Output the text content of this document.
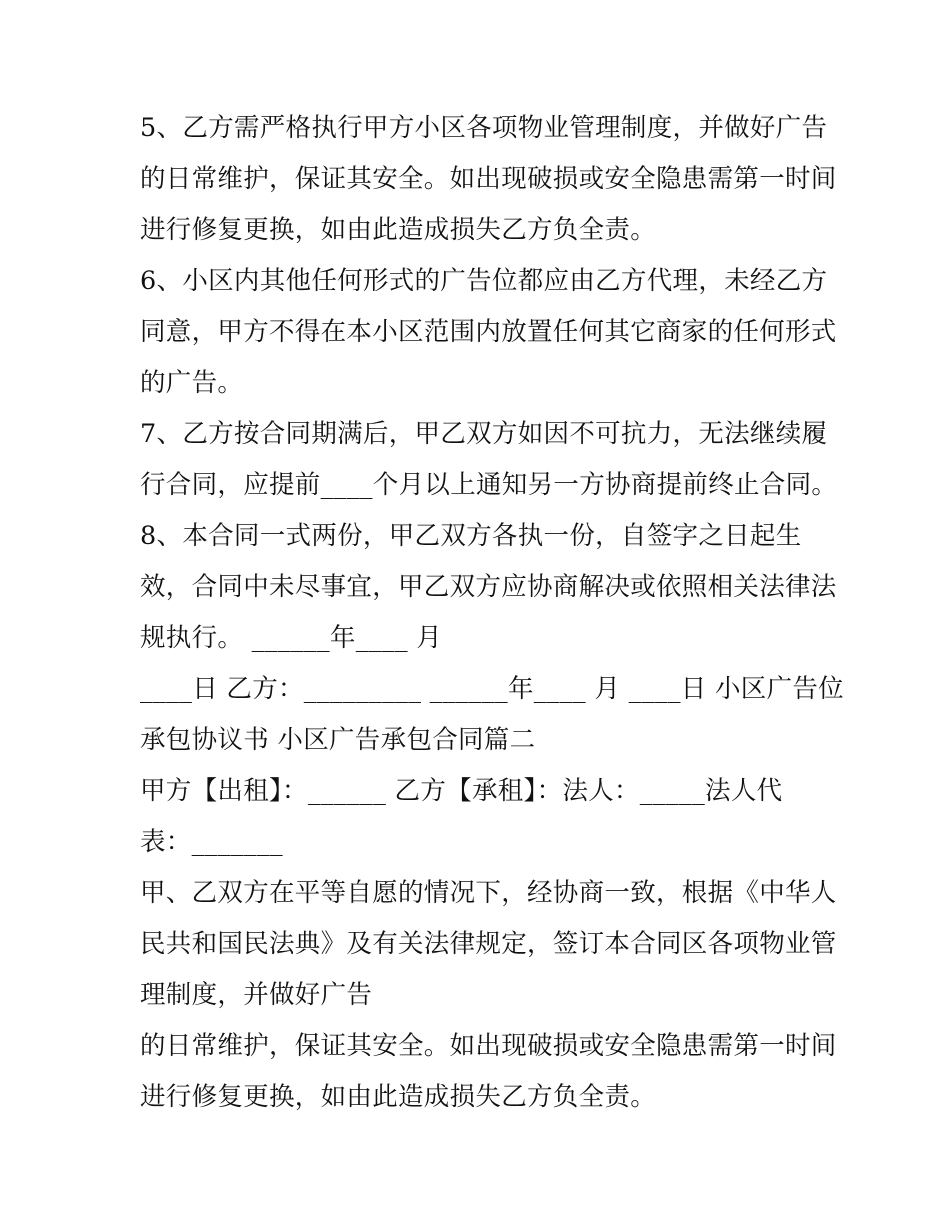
5、乙方需严格执行甲方小区各项物业管理制度，并做好广告
的日常维护，保证其安全。如出现破损或安全隐患需第一时间
进行修复更换，如由此造成损失乙方负全责。
6、小区内其他任何形式的广告位都应由乙方代理，未经乙方
同意，甲方不得在本小区范围内放置任何其它商家的任何形式
的广告。
7、乙方按合同期满后，甲乙双方如因不可抗力，无法继续履
行合同，应提前____个月以上通知另一方协商提前终止合同。
8、本合同一式两份，甲乙双方各执一份，自签字之日起生
效，合同中未尽事宜，甲乙双方应协商解决或依照相关法律法
规执行。 ______年____ 月
____日 乙方：_________ ______年____ 月 ____日 小区广告位
承包协议书 小区广告承包合同篇二
甲方【出租】：______ 乙方【承租】：法人：_____法人代
表：_______
甲、乙双方在平等自愿的情况下，经协商一致，根据《中华人
民共和国民法典》及有关法律规定，签订本合同区各项物业管
理制度，并做好广告
的日常维护，保证其安全。如出现破损或安全隐患需第一时间
进行修复更换，如由此造成损失乙方负全责。
